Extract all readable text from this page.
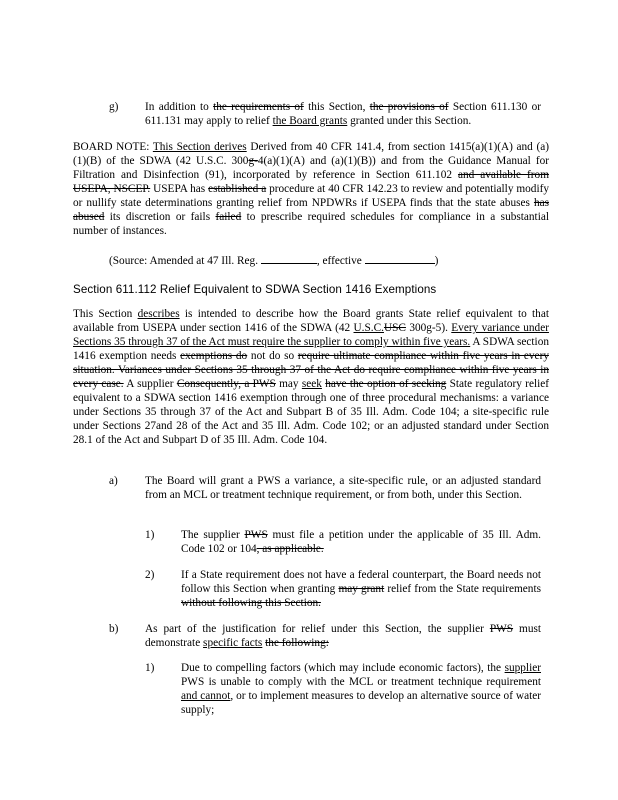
g) In addition to the requirements of this Section, the provisions of Section 611.130 or 611.131 may apply to relief the Board grants granted under this Section.
BOARD NOTE: This Section derives Derived from 40 CFR 141.4, from section 1415(a)(1)(A) and (a)(1)(B) of the SDWA (42 U.S.C. 300g-4(a)(1)(A) and (a)(1)(B)) and from the Guidance Manual for Filtration and Disinfection (91), incorporated by reference in Section 611.102 and available from USEPA, NSCEP. USEPA has established a procedure at 40 CFR 142.23 to review and potentially modify or nullify state determinations granting relief from NPDWRs if USEPA finds that the state abuses has abused its discretion or fails failed to prescribe required schedules for compliance in a substantial number of instances.
(Source: Amended at 47 Ill. Reg.	, effective	)
Section 611.112 Relief Equivalent to SDWA Section 1416 Exemptions
This Section describes is intended to describe how the Board grants State relief equivalent to that available from USEPA under section 1416 of the SDWA (42 U.S.C.USC 300g-5). Every variance under Sections 35 through 37 of the Act must require the supplier to comply within five years. A SDWA section 1416 exemption needs exemptions do not do so require ultimate compliance within five years in every situation. Variances under Sections 35 through 37 of the Act do require compliance within five years in every case. A supplier Consequently, a PWS may seek have the option of seeking State regulatory relief equivalent to a SDWA section 1416 exemption through one of three procedural mechanisms: a variance under Sections 35 through 37 of the Act and Subpart B of 35 Ill. Adm. Code 104; a site-specific rule under Sections 27and 28 of the Act and 35 Ill. Adm. Code 102; or an adjusted standard under Section 28.1 of the Act and Subpart D of 35 Ill. Adm. Code 104.
a) The Board will grant a PWS a variance, a site-specific rule, or an adjusted standard from an MCL or treatment technique requirement, or from both, under this Section.
1) The supplier PWS must file a petition under the applicable of 35 Ill. Adm. Code 102 or 104, as applicable.
2) If a State requirement does not have a federal counterpart, the Board needs not follow this Section when granting may grant relief from the State requirements without following this Section.
b) As part of the justification for relief under this Section, the supplier PWS must demonstrate specific facts the following:
1) Due to compelling factors (which may include economic factors), the supplier PWS is unable to comply with the MCL or treatment technique requirement and cannot, or to implement measures to develop an alternative source of water supply;
